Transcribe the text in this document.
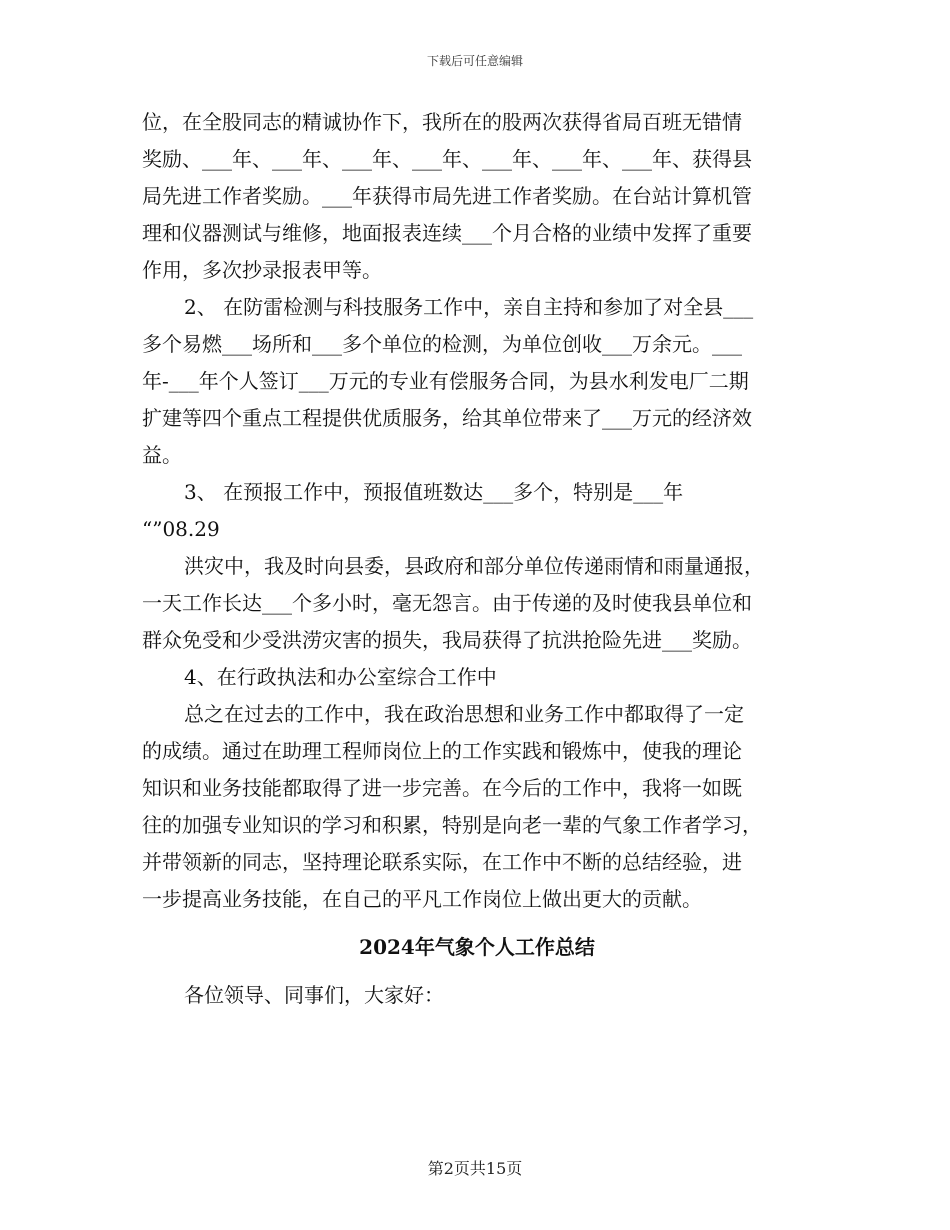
下载后可任意编辑
位，在全股同志的精诚协作下，我所在的股两次获得省局百班无错情
奖励、___年、___年、___年、___年、___年、___年、___年、获得县
局先进工作者奖励。___年获得市局先进工作者奖励。在台站计算机管
理和仪器测试与维修，地面报表连续___个月合格的业绩中发挥了重要
作用，多次抄录报表甲等。
2、 在防雷检测与科技服务工作中，亲自主持和参加了对全县___
多个易燃___场所和___多个单位的检测，为单位创收___万余元。___
年-___年个人签订___万元的专业有偿服务合同，为县水利发电厂二期
扩建等四个重点工程提供优质服务，给其单位带来了___万元的经济效
益。
3、 在预报工作中，预报值班数达___多个，特别是___年
“”08.29
洪灾中，我及时向县委，县政府和部分单位传递雨情和雨量通报，
一天工作长达___个多小时，毫无怨言。由于传递的及时使我县单位和
群众免受和少受洪涝灾害的损失，我局获得了抗洪抢险先进___奖励。
4、在行政执法和办公室综合工作中
总之在过去的工作中，我在政治思想和业务工作中都取得了一定
的成绩。通过在助理工程师岗位上的工作实践和锻炼中，使我的理论
知识和业务技能都取得了进一步完善。在今后的工作中，我将一如既
往的加强专业知识的学习和积累，特别是向老一辈的气象工作者学习，
并带领新的同志，坚持理论联系实际，在工作中不断的总结经验，进
一步提高业务技能，在自己的平凡工作岗位上做出更大的贡献。
2024年气象个人工作总结
各位领导、同事们，大家好：
第2页共15页
